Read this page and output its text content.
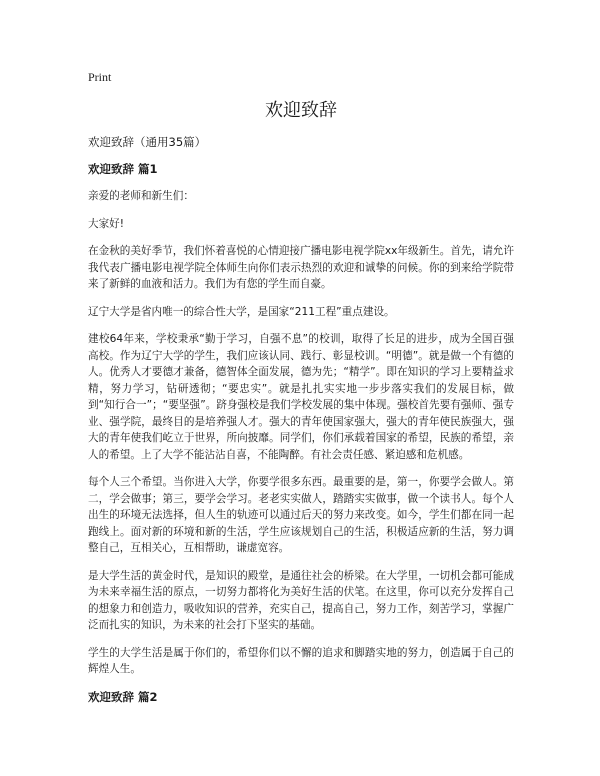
Print
欢迎致辞
欢迎致辞（通用35篇）
欢迎致辞 篇1

亲爱的老师和新生们：

大家好!

在金秋的美好季节，我们怀着喜悦的心情迎接广播电影电视学院xx年级新生。首先，请允许我代表广播电影电视学院全体师生向你们表示热烈的欢迎和诚挚的问候。你的到来给学院带来了新鲜的血液和活力。我们为有您的学生而自豪。

辽宁大学是省内唯一的综合性大学，是国家“211工程”重点建设。

建校64年来，学校秉承“勤于学习，自强不息”的校训，取得了长足的进步，成为全国百强高校。作为辽宁大学的学生，我们应该认同、践行、彰显校训。“明德”。就是做一个有德的人。优秀人才要德才兼备，德智体全面发展，德为先；“精学”。即在知识的学习上要精益求精，努力学习，钻研透彻；“要忠实”。就是扎扎实实地一步步落实我们的发展目标，做到“知行合一”；“要坚强”。跻身强校是我们学校发展的集中体现。强校首先要有强师、强专业、强学院，最终目的是培养强人才。强大的青年使国家强大，强大的青年使民族强大，强大的青年使我们屹立于世界，所向披靡。同学们，你们承载着国家的希望，民族的希望，亲人的希望。上了大学不能沾沾自喜，不能陶醉。有社会责任感、紧迫感和危机感。

每个人三个希望。当你进入大学，你要学很多东西。最重要的是，第一，你要学会做人。第二，学会做事；第三，要学会学习。老老实实做人，踏踏实实做事，做一个读书人。每个人出生的环境无法选择，但人生的轨迹可以通过后天的努力来改变。如今，学生们都在同一起跑线上。面对新的环境和新的生活，学生应该规划自己的生活，积极适应新的生活，努力调整自己，互相关心，互相帮助，谦虚宽容。

是大学生活的黄金时代，是知识的殿堂，是通往社会的桥梁。在大学里，一切机会都可能成为未来幸福生活的原点，一切努力都将化为美好生活的伏笔。在这里，你可以充分发挥自己的想象力和创造力，吸收知识的营养，充实自己，提高自己，努力工作，刻苦学习，掌握广泛而扎实的知识，为未来的社会打下坚实的基础。

学生的大学生活是属于你们的，希望你们以不懈的追求和脚踏实地的努力，创造属于自己的辉煌人生。

欢迎致辞 篇2
